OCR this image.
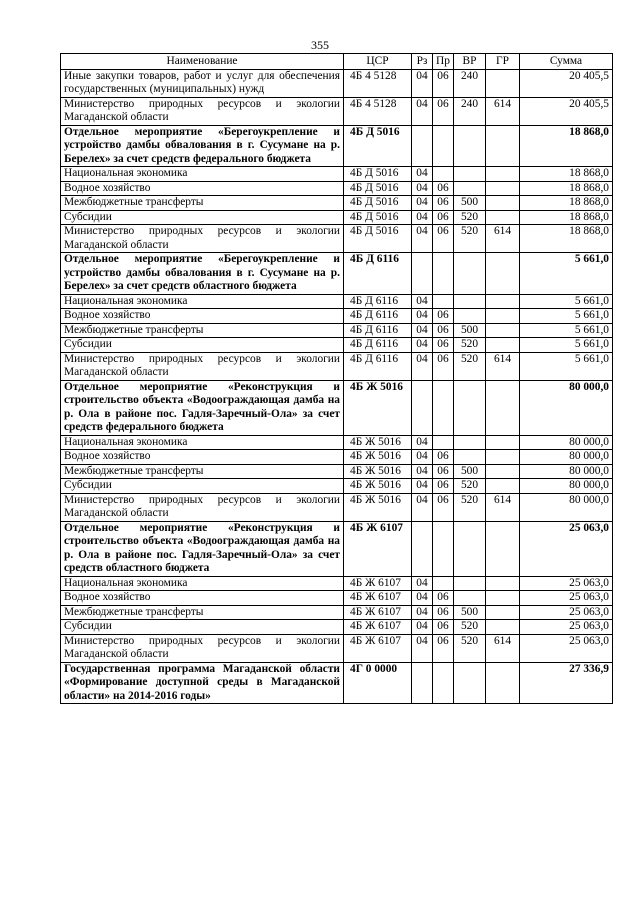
355
Наименование	ЦСР	Рз	Пр	ВР	ГР	Сумма
Иные закупки товаров, работ и услуг для обеспечения государственных (муниципальных) нужд	4Б 4 5128	04	06	240		20 405,5
Министерство природных ресурсов и экологии Магаданской области	4Б 4 5128	04	06	240	614	20 405,5
Отдельное мероприятие «Берегоукрепление и устройство дамбы обвалования в г. Сусумане на р. Берелех» за счет средств федерального бюджета	4Б Д 5016					18 868,0
Национальная экономика	4Б Д 5016	04				18 868,0
Водное хозяйство	4Б Д 5016	04	06			18 868,0
Межбюджетные трансферты	4Б Д 5016	04	06	500		18 868,0
Субсидии	4Б Д 5016	04	06	520		18 868,0
Министерство природных ресурсов и экологии Магаданской области	4Б Д 5016	04	06	520	614	18 868,0
Отдельное мероприятие «Берегоукрепление и устройство дамбы обвалования в г. Сусумане на р. Берелех» за счет средств областного бюджета	4Б Д 6116					5 661,0
Национальная экономика	4Б Д 6116	04				5 661,0
Водное хозяйство	4Б Д 6116	04	06			5 661,0
Межбюджетные трансферты	4Б Д 6116	04	06	500		5 661,0
Субсидии	4Б Д 6116	04	06	520		5 661,0
Министерство природных ресурсов и экологии Магаданской области	4Б Д 6116	04	06	520	614	5 661,0
Отдельное мероприятие «Реконструкция и строительство объекта «Водоограждающая дамба на р. Ола в районе пос. Гадля-Заречный-Ола» за счет средств федерального бюджета	4Б Ж 5016					80 000,0
Национальная экономика	4Б Ж 5016	04				80 000,0
Водное хозяйство	4Б Ж 5016	04	06			80 000,0
Межбюджетные трансферты	4Б Ж 5016	04	06	500		80 000,0
Субсидии	4Б Ж 5016	04	06	520		80 000,0
Министерство природных ресурсов и экологии Магаданской области	4Б Ж 5016	04	06	520	614	80 000,0
Отдельное мероприятие «Реконструкция и строительство объекта «Водоограждающая дамба на р. Ола в районе пос. Гадля-Заречный-Ола» за счет средств областного бюджета	4Б Ж 6107					25 063,0
Национальная экономика	4Б Ж 6107	04				25 063,0
Водное хозяйство	4Б Ж 6107	04	06			25 063,0
Межбюджетные трансферты	4Б Ж 6107	04	06	500		25 063,0
Субсидии	4Б Ж 6107	04	06	520		25 063,0
Министерство природных ресурсов и экологии Магаданской области	4Б Ж 6107	04	06	520	614	25 063,0
Государственная программа Магаданской области «Формирование доступной среды в Магаданской области» на 2014-2016 годы»	4Г 0 0000					27 336,9
